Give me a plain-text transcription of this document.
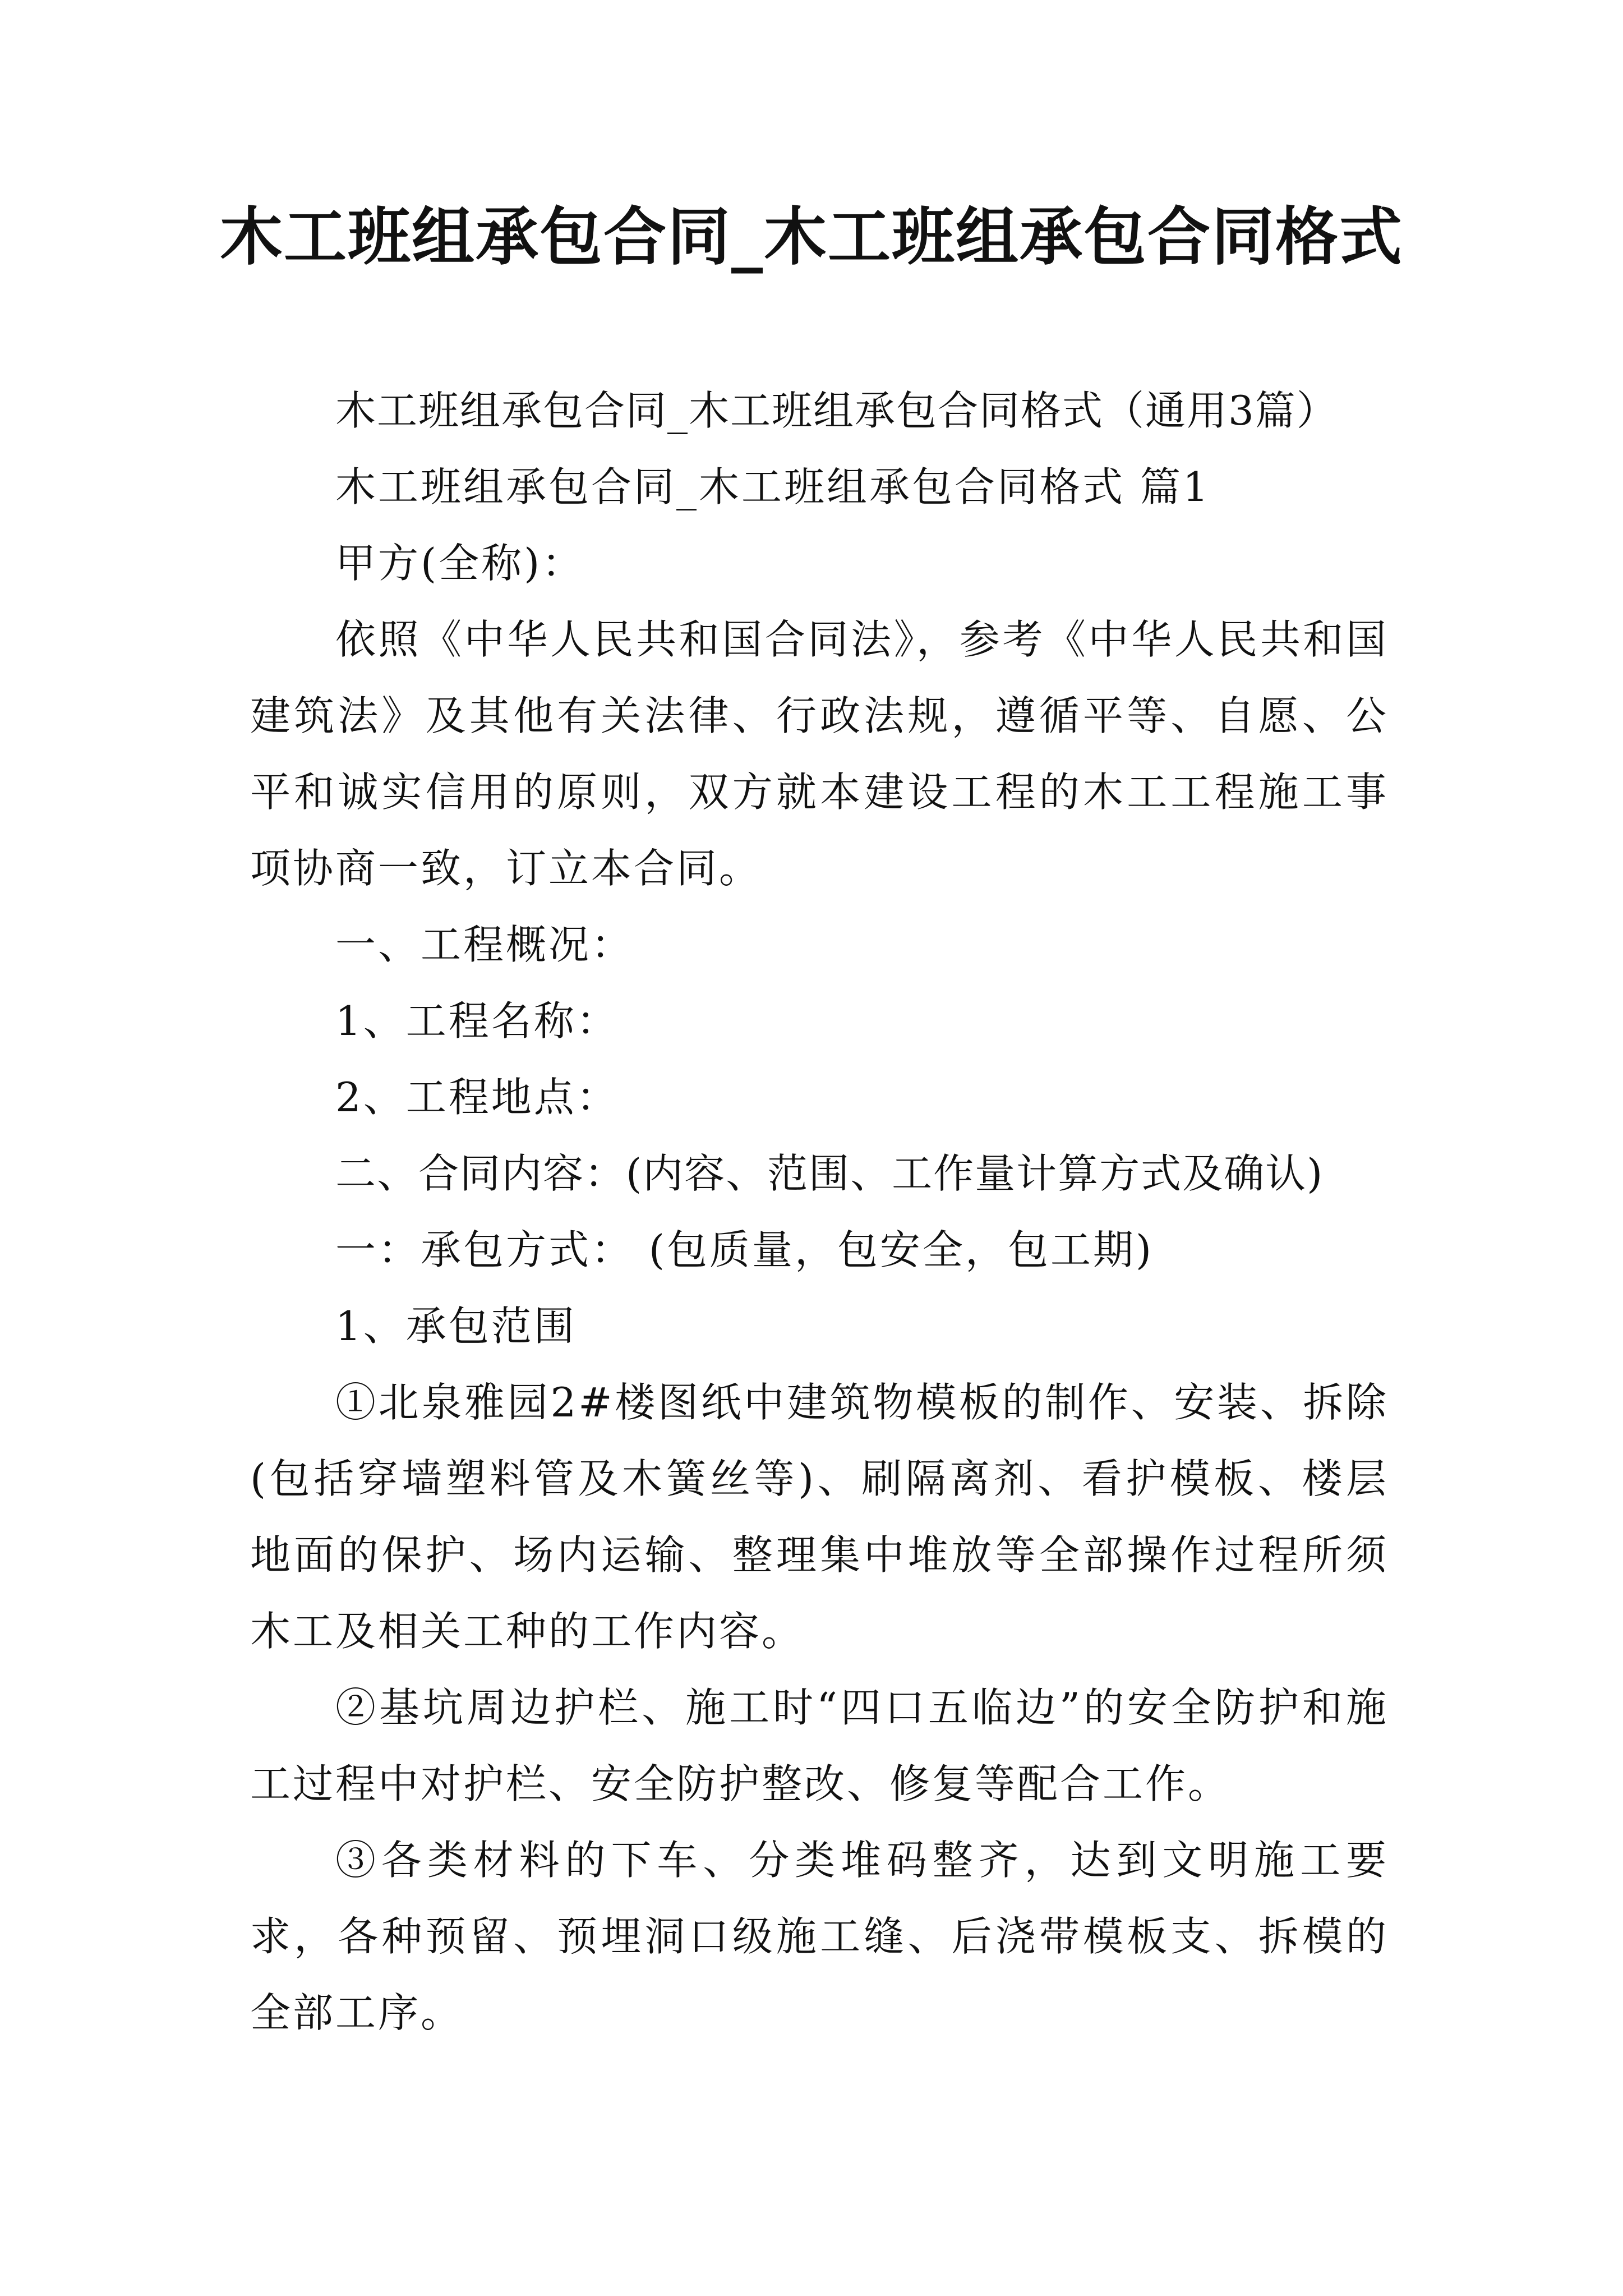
木工班组承包合同_木工班组承包合同格式

木工班组承包合同_木工班组承包合同格式（通用3篇）

木工班组承包合同_木工班组承包合同格式 篇1

甲方(全称)：

依照《中华人民共和国合同法》，参考《中华人民共和国建筑法》及其他有关法律、行政法规，遵循平等、自愿、公平和诚实信用的原则，双方就本建设工程的木工工程施工事项协商一致，订立本合同。

一、工程概况：

1、工程名称：

2、工程地点：

二、合同内容：(内容、范围、工作量计算方式及确认)

一：承包方式： (包质量，包安全，包工期)

1、承包范围

①北泉雅园2#楼图纸中建筑物模板的制作、安装、拆除(包括穿墙塑料管及木簧丝等)、刷隔离剂、看护模板、楼层地面的保护、场内运输、整理集中堆放等全部操作过程所须木工及相关工种的工作内容。

②基坑周边护栏、施工时“四口五临边”的安全防护和施工过程中对护栏、安全防护整改、修复等配合工作。

③各类材料的下车、分类堆码整齐，达到文明施工要求，各种预留、预埋洞口级施工缝、后浇带模板支、拆模的全部工序。
